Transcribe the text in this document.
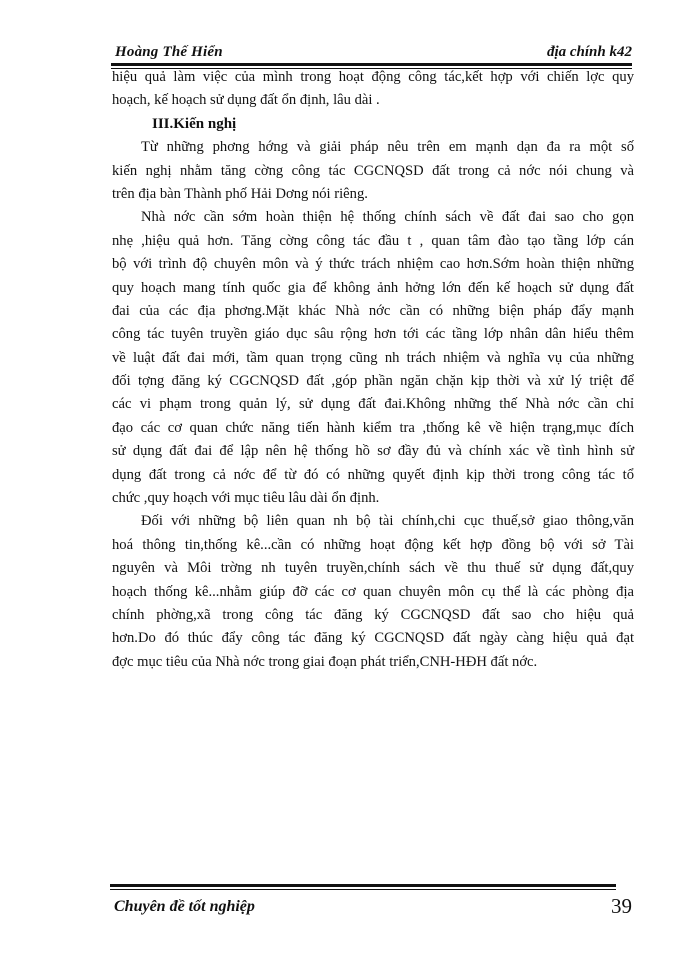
Hoàng Thế Hiển	địa chính k42
hiệu quả làm việc của mình trong hoạt động công tác,kết hợp với chiến lợc quy
hoạch, kế hoạch sử dụng đất ổn định, lâu dài .
III.Kiến nghị
Từ những phơng hớng và giải pháp nêu trên em mạnh dạn đa ra một số
kiến nghị nhằm tăng cờng công tác CGCNQSD đất trong cả nớc nói chung và
trên địa bàn Thành phố Hải Dơng nói riêng.
Nhà nớc cần sớm hoàn thiện hệ thống chính sách về đất đai sao cho gọn
nhẹ ,hiệu quả hơn. Tăng cờng công tác đầu t , quan tâm đào tạo tầng lớp cán
bộ với trình độ chuyên môn và ý thức trách nhiệm cao hơn.Sớm hoàn thiện những
quy hoạch mang tính quốc gia để không ảnh hởng lớn đến kế hoạch sử dụng đất
đai của các địa phơng.Mặt khác Nhà nớc cần có những biện pháp đẩy mạnh
công tác tuyên truyền giáo dục sâu rộng hơn tới các tầng lớp nhân dân hiểu thêm
về luật đất đai mới, tầm quan trọng cũng nh trách nhiệm và nghĩa vụ của những
đối tợng đăng ký CGCNQSD đất ,góp phần ngăn chặn kịp thời và xử lý triệt để
các vi phạm trong quản lý, sử dụng đất đai.Không những thế Nhà nớc cần chỉ
đạo các cơ quan chức năng tiến hành kiểm tra ,thống kê về hiện trạng,mục đích
sử dụng đất đai để lập nên hệ thống hồ sơ đầy đủ và chính xác về tình hình sử
dụng đất trong cả nớc để từ đó có những quyết định kịp thời trong công tác tổ
chức ,quy hoạch với mục tiêu lâu dài ổn định.
Đối với những bộ liên quan nh bộ tài chính,chi cục thuế,sở giao thông,văn
hoá thông tin,thống kê...cần có những hoạt động kết hợp đồng bộ với sở Tài
nguyên và Môi trờng nh tuyên truyền,chính sách về thu thuế sử dụng đất,quy
hoạch thống kê...nhằm giúp đỡ các cơ quan chuyên môn cụ thể là các phòng địa
chính phờng,xã trong công tác đăng ký CGCNQSD đất sao cho hiệu quả
hơn.Do đó thúc đẩy công tác đăng ký CGCNQSD đất ngày càng hiệu quả đạt
đợc mục tiêu của Nhà nớc trong giai đoạn phát triển,CNH-HĐH đất nớc.
Chuyên đề tốt nghiệp	39
